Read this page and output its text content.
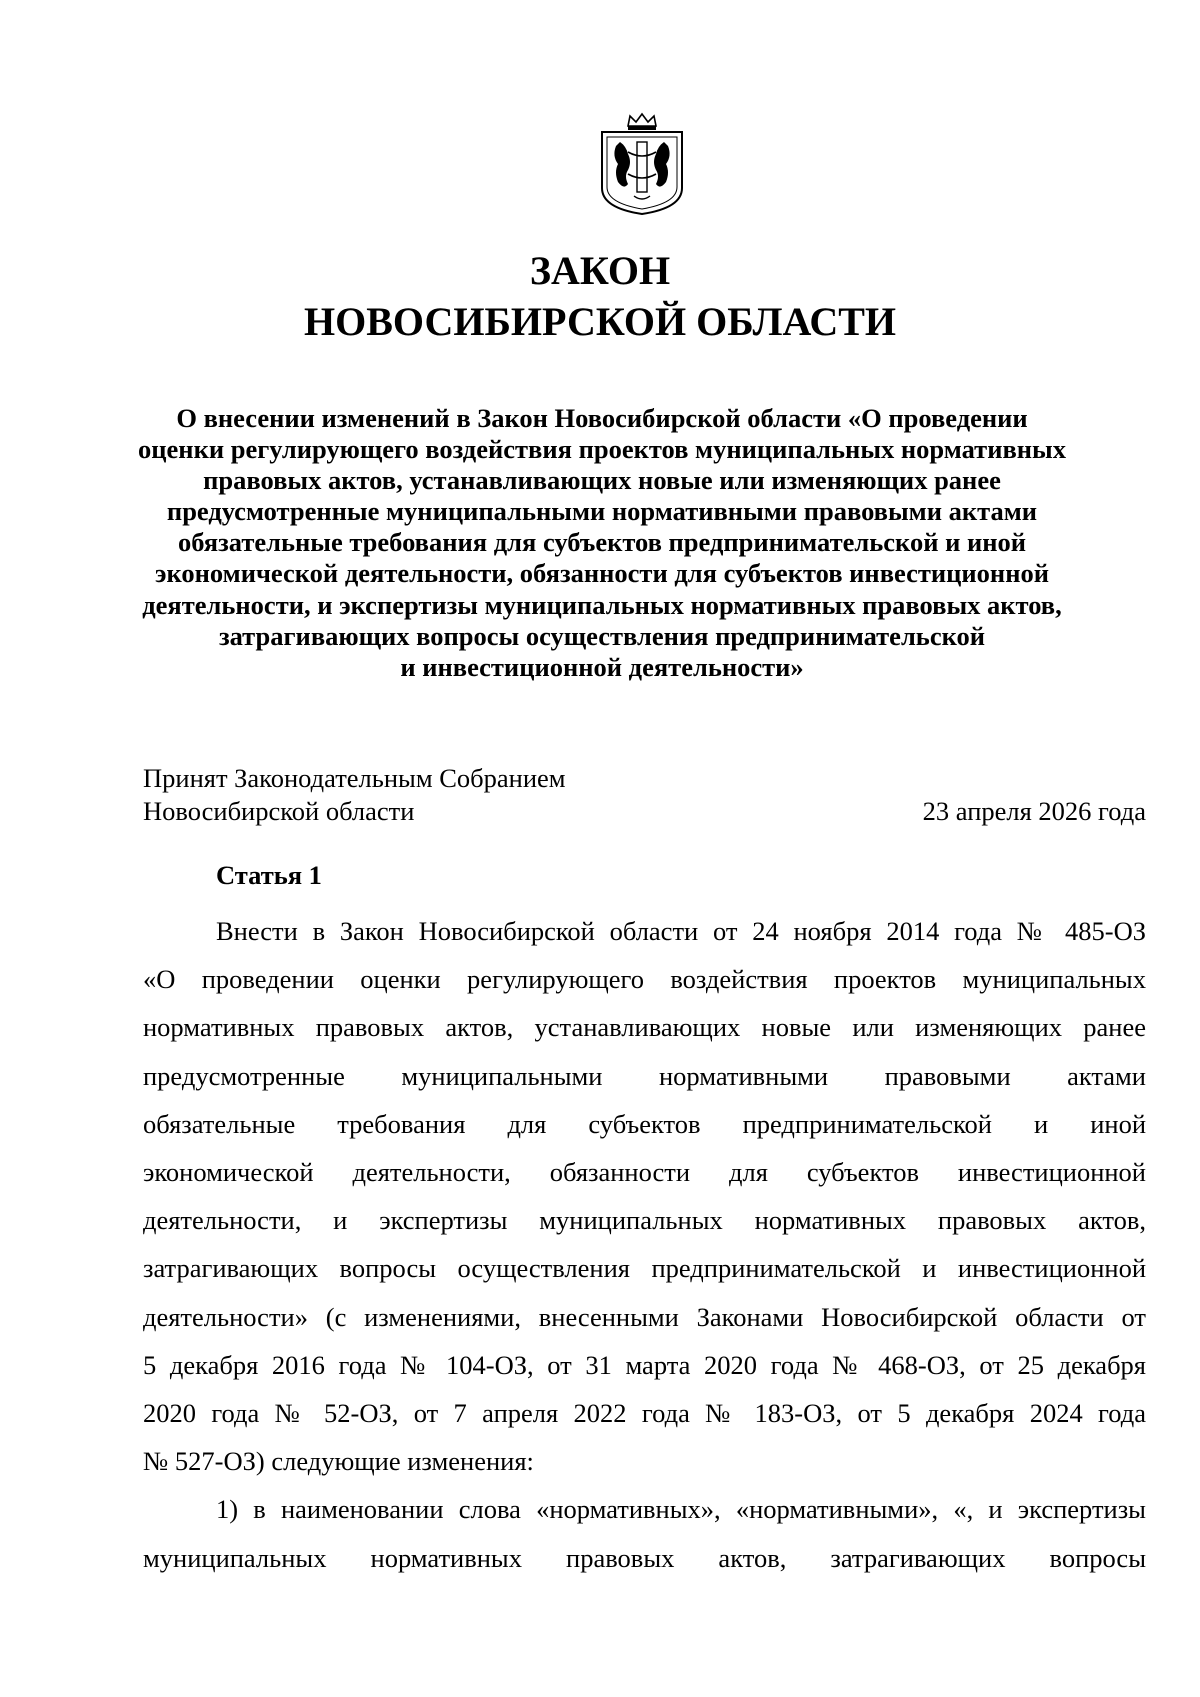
ЗАКОН
НОВОСИБИРСКОЙ ОБЛАСТИ
О внесении изменений в Закон Новосибирской области «О проведении
оценки регулирующего воздействия проектов муниципальных нормативных
правовых актов, устанавливающих новые или изменяющих ранее
предусмотренные муниципальными нормативными правовыми актами
обязательные требования для субъектов предпринимательской и иной
экономической деятельности, обязанности для субъектов инвестиционной
деятельности, и экспертизы муниципальных нормативных правовых актов,
затрагивающих вопросы осуществления предпринимательской
и инвестиционной деятельности»
Принят Законодательным Собранием
Новосибирской области	23 апреля 2026 года
Статья 1
Внести в Закон Новосибирской области от 24 ноября 2014 года № 485-ОЗ
«О проведении оценки регулирующего воздействия проектов муниципальных
нормативных правовых актов, устанавливающих новые или изменяющих ранее
предусмотренные муниципальными нормативными правовыми актами
обязательные требования для субъектов предпринимательской и иной
экономической деятельности, обязанности для субъектов инвестиционной
деятельности, и экспертизы муниципальных нормативных правовых актов,
затрагивающих вопросы осуществления предпринимательской и инвестиционной
деятельности» (с изменениями, внесенными Законами Новосибирской области от
5 декабря 2016 года № 104-ОЗ, от 31 марта 2020 года № 468-ОЗ, от 25 декабря
2020 года № 52-ОЗ, от 7 апреля 2022 года № 183-ОЗ, от 5 декабря 2024 года
№ 527-ОЗ) следующие изменения:
1) в наименовании слова «нормативных», «нормативными», «, и экспертизы
муниципальных нормативных правовых актов, затрагивающих вопросы
